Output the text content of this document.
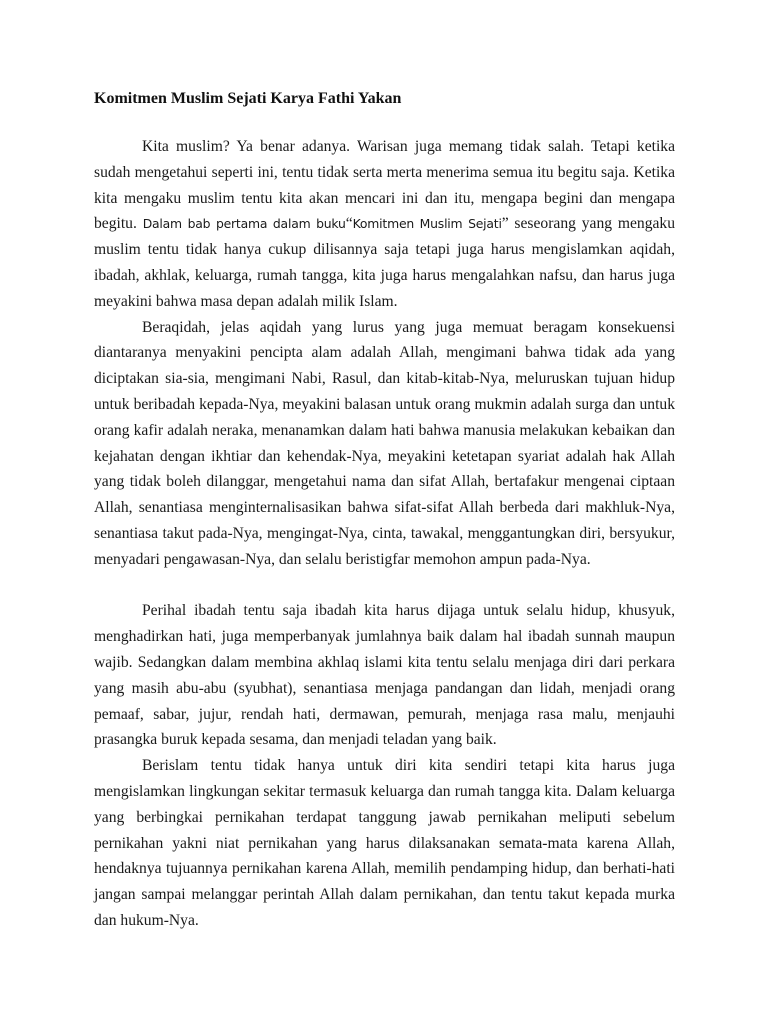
Komitmen Muslim Sejati Karya Fathi Yakan

Kita muslim? Ya benar adanya. Warisan juga memang tidak salah. Tetapi ketika sudah mengetahui seperti ini, tentu tidak serta merta menerima semua itu begitu saja. Ketika kita mengaku muslim tentu kita akan mencari ini dan itu, mengapa begini dan mengapa begitu. Dalam bab pertama dalam buku“Komitmen Muslim Sejati” seseorang yang mengaku muslim tentu tidak hanya cukup dilisannya saja tetapi juga harus mengislamkan aqidah, ibadah, akhlak, keluarga, rumah tangga, kita juga harus mengalahkan nafsu, dan harus juga meyakini bahwa masa depan adalah milik Islam.

Beraqidah, jelas aqidah yang lurus yang juga memuat beragam konsekuensi diantaranya menyakini pencipta alam adalah Allah, mengimani bahwa tidak ada yang diciptakan sia-sia, mengimani Nabi, Rasul, dan kitab-kitab-Nya, meluruskan tujuan hidup untuk beribadah kepada-Nya, meyakini balasan untuk orang mukmin adalah surga dan untuk orang kafir adalah neraka, menanamkan dalam hati bahwa manusia melakukan kebaikan dan kejahatan dengan ikhtiar dan kehendak-Nya, meyakini ketetapan syariat adalah hak Allah yang tidak boleh dilanggar, mengetahui nama dan sifat Allah, bertafakur mengenai ciptaan Allah, senantiasa menginternalisasikan bahwa sifat-sifat Allah berbeda dari makhluk-Nya, senantiasa takut pada-Nya, mengingat-Nya, cinta, tawakal, menggantungkan diri, bersyukur, menyadari pengawasan-Nya, dan selalu beristigfar memohon ampun pada-Nya.

Perihal ibadah tentu saja ibadah kita harus dijaga untuk selalu hidup, khusyuk, menghadirkan hati, juga memperbanyak jumlahnya baik dalam hal ibadah sunnah maupun wajib. Sedangkan dalam membina akhlaq islami kita tentu selalu menjaga diri dari perkara yang masih abu-abu (syubhat), senantiasa menjaga pandangan dan lidah, menjadi orang pemaaf, sabar, jujur, rendah hati, dermawan, pemurah, menjaga rasa malu, menjauhi prasangka buruk kepada sesama, dan menjadi teladan yang baik.

Berislam tentu tidak hanya untuk diri kita sendiri tetapi kita harus juga mengislamkan lingkungan sekitar termasuk keluarga dan rumah tangga kita. Dalam keluarga yang berbingkai pernikahan terdapat tanggung jawab pernikahan meliputi sebelum pernikahan yakni niat pernikahan yang harus dilaksanakan semata-mata karena Allah, hendaknya tujuannya pernikahan karena Allah, memilih pendamping hidup, dan berhati-hati jangan sampai melanggar perintah Allah dalam pernikahan, dan tentu takut kepada murka dan hukum-Nya.
